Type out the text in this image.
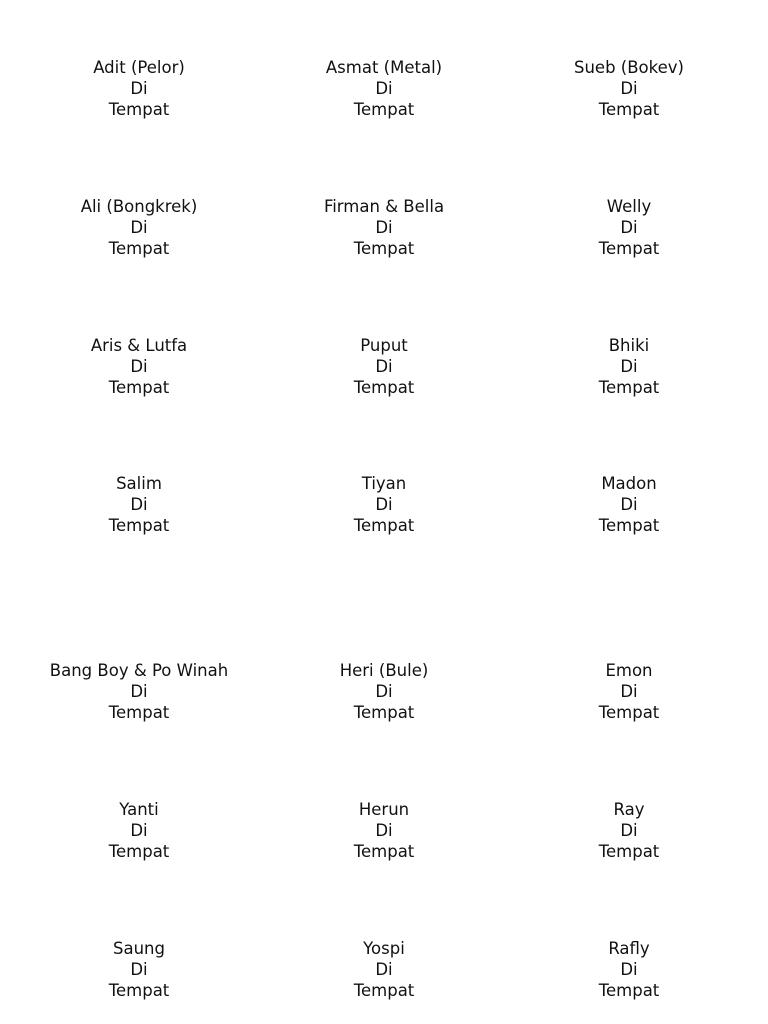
Adit (Pelor)
Di
Tempat
Asmat (Metal)
Di
Tempat
Sueb (Bokev)
Di
Tempat
Ali (Bongkrek)
Di
Tempat
Firman & Bella
Di
Tempat
Welly
Di
Tempat
Aris & Lutfa
Di
Tempat
Puput
Di
Tempat
Bhiki
Di
Tempat
Salim
Di
Tempat
Tiyan
Di
Tempat
Madon
Di
Tempat
Bang Boy & Po Winah
Di
Tempat
Heri (Bule)
Di
Tempat
Emon
Di
Tempat
Yanti
Di
Tempat
Herun
Di
Tempat
Ray
Di
Tempat
Saung
Di
Tempat
Yospi
Di
Tempat
Rafly
Di
Tempat
